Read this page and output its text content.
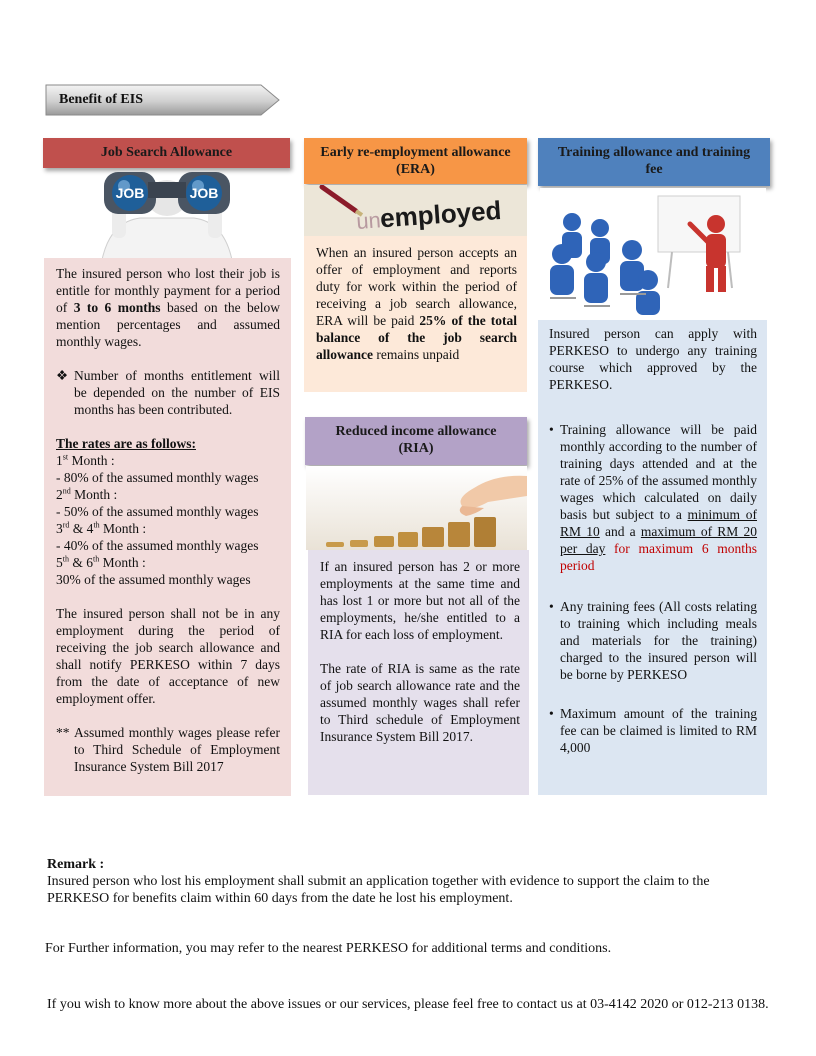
Benefit of EIS
Job Search Allowance
JOB	JOB

The insured person who lost their job is entitle for monthly payment for a period of 3 to 6 months based on the below mention percentages and assumed monthly wages.

❖ Number of months entitlement will be depended on the number of EIS months has been contributed.

The rates are as follows:

1st Month :

- 80% of the assumed monthly wages

2nd Month :

- 50% of the assumed monthly wages

3rd & 4th Month :

- 40% of the assumed monthly wages

5th & 6th Month :

30% of the assumed monthly wages

The insured person shall not be in any employment during the period of receiving the job search allowance and shall notify PERKESO within 7 days from the date of acceptance of new employment offer.

** Assumed monthly wages please refer to Third Schedule of Employment Insurance System Bill 2017

Early re-employment allowance
(ERA)
un
employed
When an insured person accepts an offer of employment and reports duty for work within the period of receiving a job search allowance, ERA will be paid 25% of the total balance of the job search allowance remains unpaid
Reduced income allowance
(RIA)

If an insured person has 2 or more employments at the same time and has lost 1 or more but not all of the employments, he/she entitled to a RIA for each loss of employment.

The rate of RIA is same as the rate of job search allowance rate and the assumed monthly wages shall refer to Third schedule of Employment Insurance System Bill 2017.

Training allowance and training
fee

Insured person can apply with PERKESO to undergo any training course which approved by the PERKESO.

• Training allowance will be paid monthly according to the number of training days attended and at the rate of 25% of the assumed monthly wages which calculated on daily basis but subject to a minimum of RM 10 and a maximum of RM 20 per day for maximum 6 months period
• Any training fees (All costs relating to training which including meals and materials for the training) charged to the insured person will be borne by PERKESO
• Maximum amount of the training fee can be claimed is limited to RM 4,000

Remark :

Insured person who lost his employment shall submit an application together with evidence to support the claim to the PERKESO for benefits claim within 60 days from the date he lost his employment.

For Further information, you may refer to the nearest PERKESO for additional terms and conditions.
If you wish to know more about the above issues or our services, please feel free to contact us at 03-4142 2020 or 012-213 0138.
